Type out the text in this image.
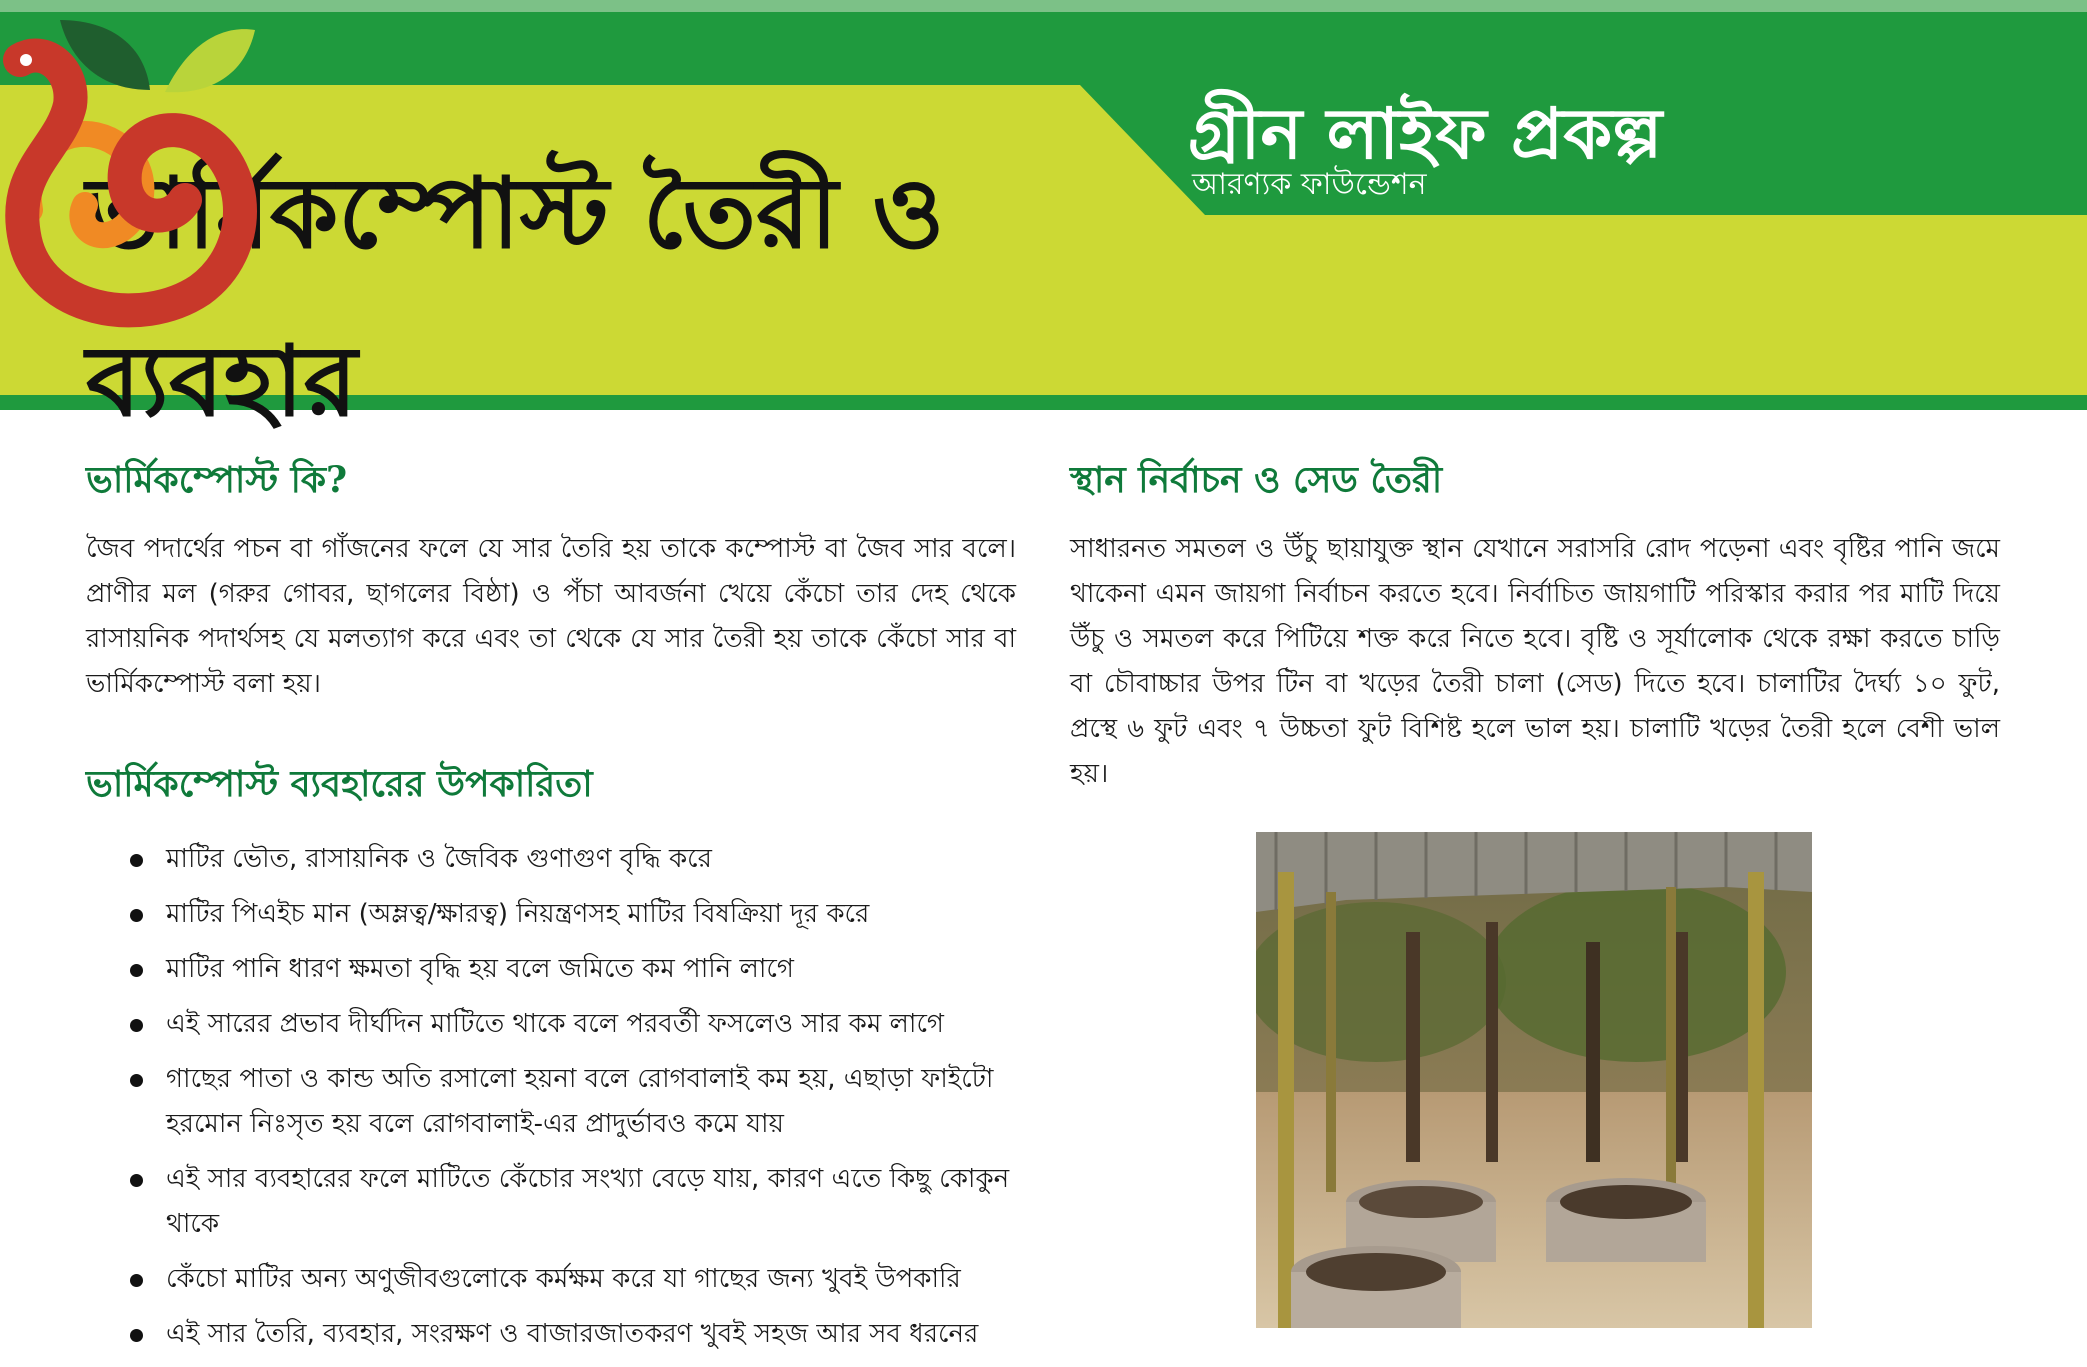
ভার্মিকম্পোস্ট তৈরী ও
ব্যবহার
গ্রীন লাইফ প্রকল্প
আরণ্যক ফাউন্ডেশন
ভার্মিকম্পোস্ট কি?

জৈব পদার্থের পচন বা গাঁজনের ফলে যে সার তৈরি হয় তাকে কম্পোস্ট বা জৈব সার বলে। প্রাণীর মল (গরুর গোবর, ছাগলের বিষ্ঠা) ও পঁচা আবর্জনা খেয়ে কেঁচো তার দেহ থেকে রাসায়নিক পদার্থসহ যে মলত্যাগ করে এবং তা থেকে যে সার তৈরী হয় তাকে কেঁচো সার বা ভার্মিকম্পোস্ট বলা হয়।

ভার্মিকম্পোস্ট ব্যবহারের উপকারিতা
মাটির ভৌত, রাসায়নিক ও জৈবিক গুণাগুণ বৃদ্ধি করে
মাটির পিএইচ মান (অম্লত্ব/ক্ষারত্ব) নিয়ন্ত্রণসহ মাটির বিষক্রিয়া দূর করে
মাটির পানি ধারণ ক্ষমতা বৃদ্ধি হয় বলে জমিতে কম পানি লাগে
এই সারের প্রভাব দীর্ঘদিন মাটিতে থাকে বলে পরবর্তী ফসলেও সার কম লাগে
গাছের পাতা ও কান্ড অতি রসালো হয়না বলে রোগবালাই কম হয়, এছাড়া ফাইটো হরমোন নিঃসৃত হয় বলে রোগবালাই-এর প্রাদুর্ভাবও কমে যায়
এই সার ব্যবহারের ফলে মাটিতে কেঁচোর সংখ্যা বেড়ে যায়, কারণ এতে কিছু কোকুন থাকে
কেঁচো মাটির অন্য অণুজীবগুলোকে কর্মক্ষম করে যা গাছের জন্য খুবই উপকারি
এই সার তৈরি, ব্যবহার, সংরক্ষণ ও বাজারজাতকরণ খুবই সহজ আর সব ধরনের
স্থান নির্বাচন ও সেড তৈরী

সাধারনত সমতল ও উঁচু ছায়াযুক্ত স্থান যেখানে সরাসরি রোদ পড়েনা এবং বৃষ্টির পানি জমে থাকেনা এমন জায়গা নির্বাচন করতে হবে। নির্বাচিত জায়গাটি পরিস্কার করার পর মাটি দিয়ে উঁচু ও সমতল করে পিটিয়ে শক্ত করে নিতে হবে। বৃষ্টি ও সূর্যালোক থেকে রক্ষা করতে চাড়ি বা চৌবাচ্চার উপর টিন বা খড়ের তৈরী চালা (সেড) দিতে হবে। চালাটির দৈর্ঘ্য ১০ ফুট, প্রস্থে ৬ ফুট এবং ৭ উচ্চতা ফুট বিশিষ্ট হলে ভাল হয়। চালাটি খড়ের তৈরী হলে বেশী ভাল হয়।
